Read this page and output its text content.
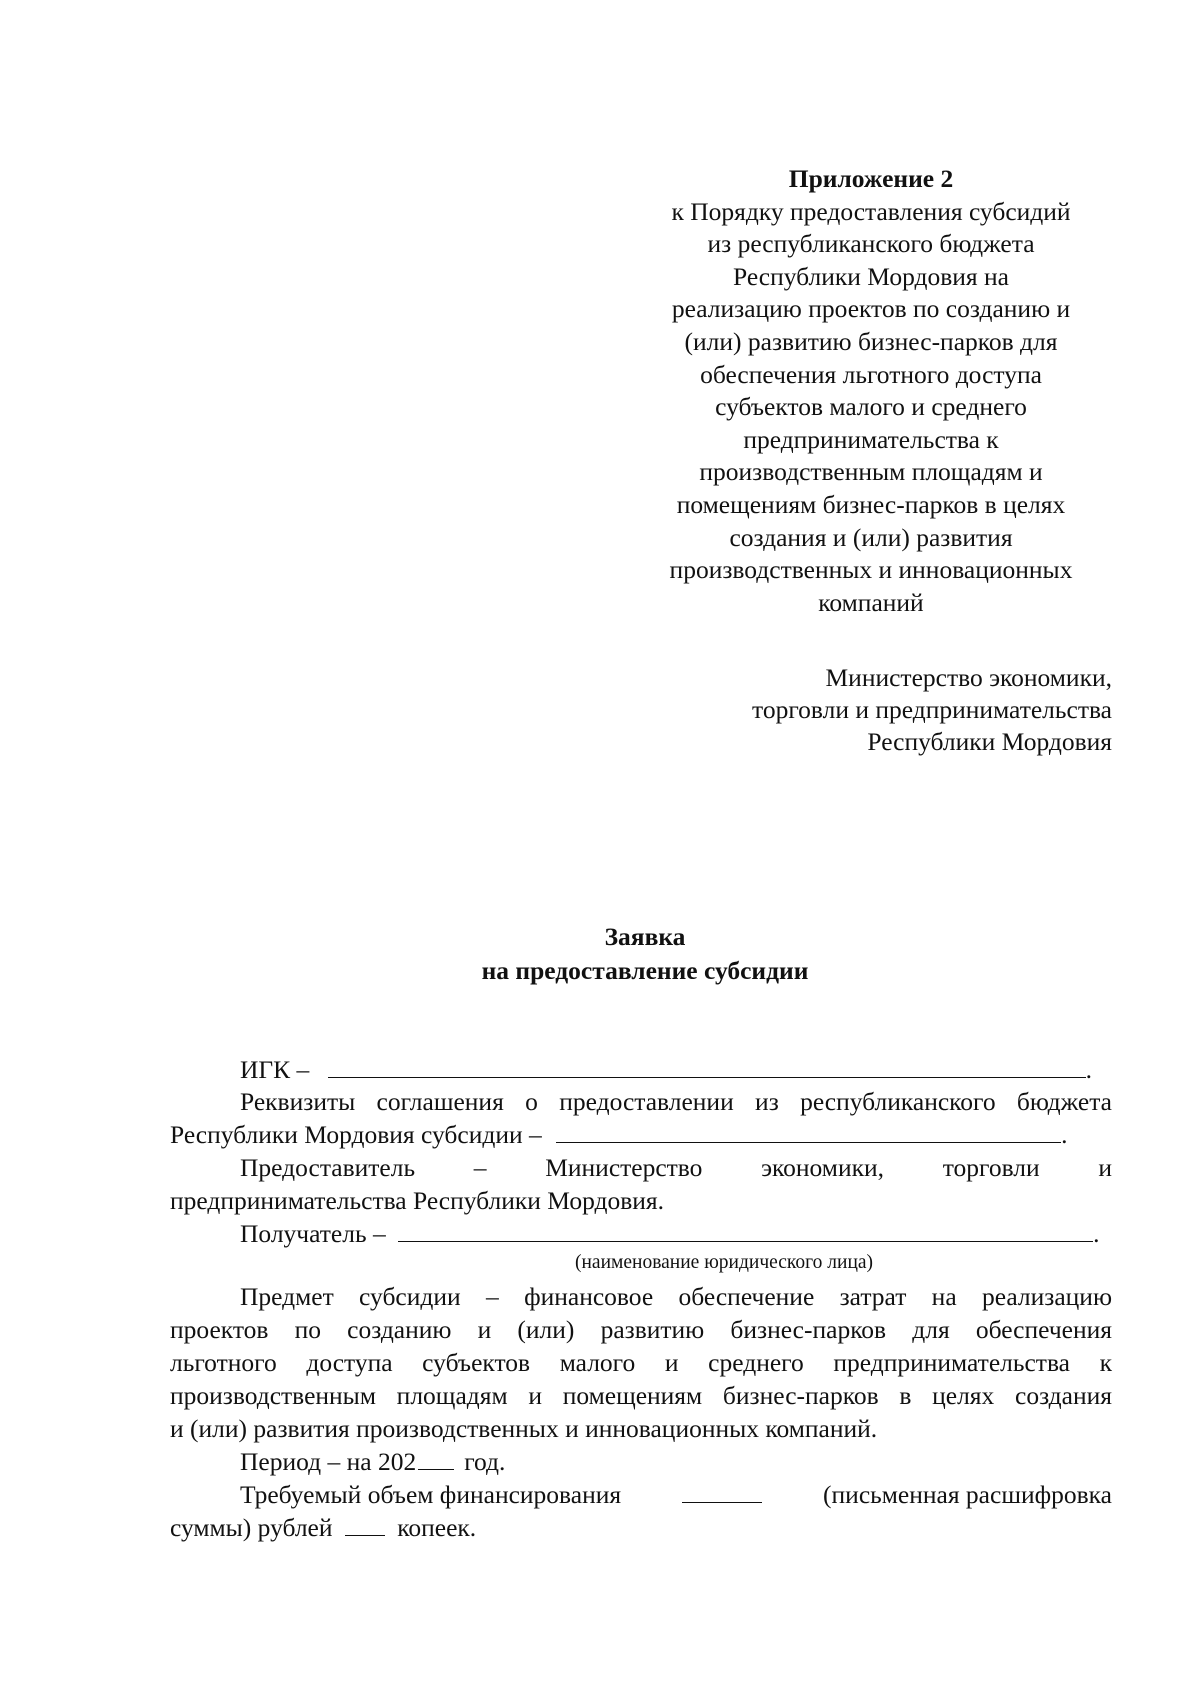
Приложение 2
к Порядку предоставления субсидий
из республиканского бюджета
Республики Мордовия на
реализацию проектов по созданию и
(или) развитию бизнес-парков для
обеспечения льготного доступа
субъектов малого и среднего
предпринимательства к
производственным площадям и
помещениям бизнес-парков в целях
создания и (или) развития
производственных и инновационных
компаний
Министерство экономики,
торговли и предпринимательства
Республики Мордовия
Заявка
на предоставление субсидии
ИГК –	.
Реквизиты соглашения о предоставлении из республиканского бюджета
Республики Мордовия субсидии –	.
Предоставитель – Министерство экономики, торговли и
предпринимательства Республики Мордовия.
Получатель –	.
(наименование юридического лица)
Предмет субсидии – финансовое обеспечение затрат на реализацию
проектов по созданию и (или) развитию бизнес-парков для обеспечения
льготного доступа субъектов малого и среднего предпринимательства к
производственным площадям и помещениям бизнес-парков в целях создания
и (или) развития производственных и инновационных компаний.
Период – на 202 год.
Требуемый объем финансирования	(письменная расшифровка
суммы) рублей	копеек.
